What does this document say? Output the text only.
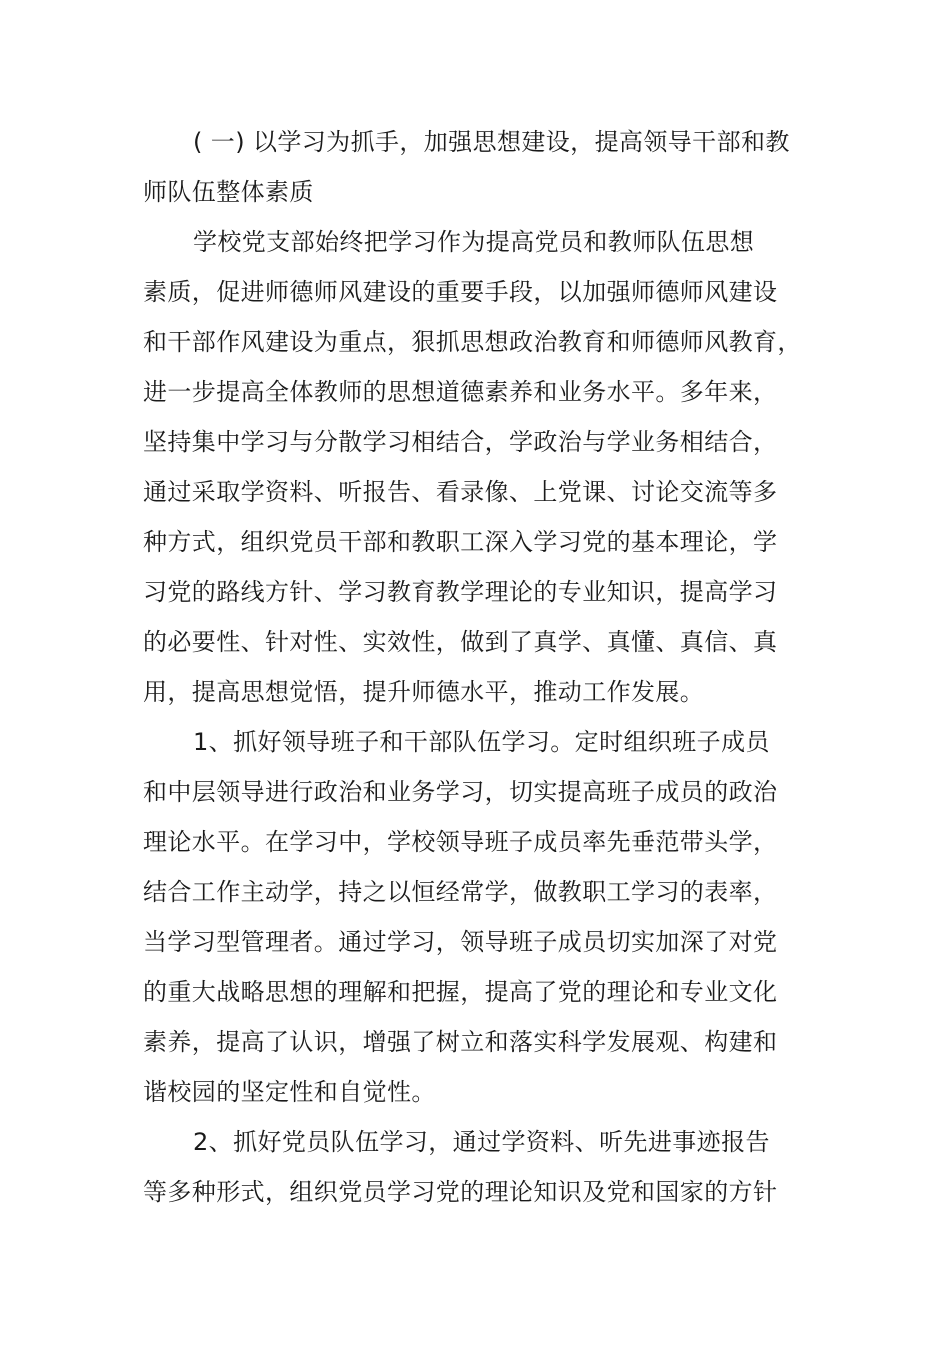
( 一) 以学习为抓手，加强思想建设，提高领导干部和教
师队伍整体素质
学校党支部始终把学习作为提高党员和教师队伍思想
素质，促进师德师风建设的重要手段，以加强师德师风建设
和干部作风建设为重点，狠抓思想政治教育和师德师风教育，
进一步提高全体教师的思想道德素养和业务水平。多年来，
坚持集中学习与分散学习相结合，学政治与学业务相结合，
通过采取学资料、听报告、看录像、上党课、讨论交流等多
种方式，组织党员干部和教职工深入学习党的基本理论，学
习党的路线方针、学习教育教学理论的专业知识，提高学习
的必要性、针对性、实效性，做到了真学、真懂、真信、真
用，提高思想觉悟，提升师德水平，推动工作发展。
1、抓好领导班子和干部队伍学习。定时组织班子成员
和中层领导进行政治和业务学习，切实提高班子成员的政治
理论水平。在学习中，学校领导班子成员率先垂范带头学，
结合工作主动学，持之以恒经常学，做教职工学习的表率，
当学习型管理者。通过学习，领导班子成员切实加深了对党
的重大战略思想的理解和把握，提高了党的理论和专业文化
素养，提高了认识，增强了树立和落实科学发展观、构建和
谐校园的坚定性和自觉性。
2、抓好党员队伍学习，通过学资料、听先进事迹报告
等多种形式，组织党员学习党的理论知识及党和国家的方针
